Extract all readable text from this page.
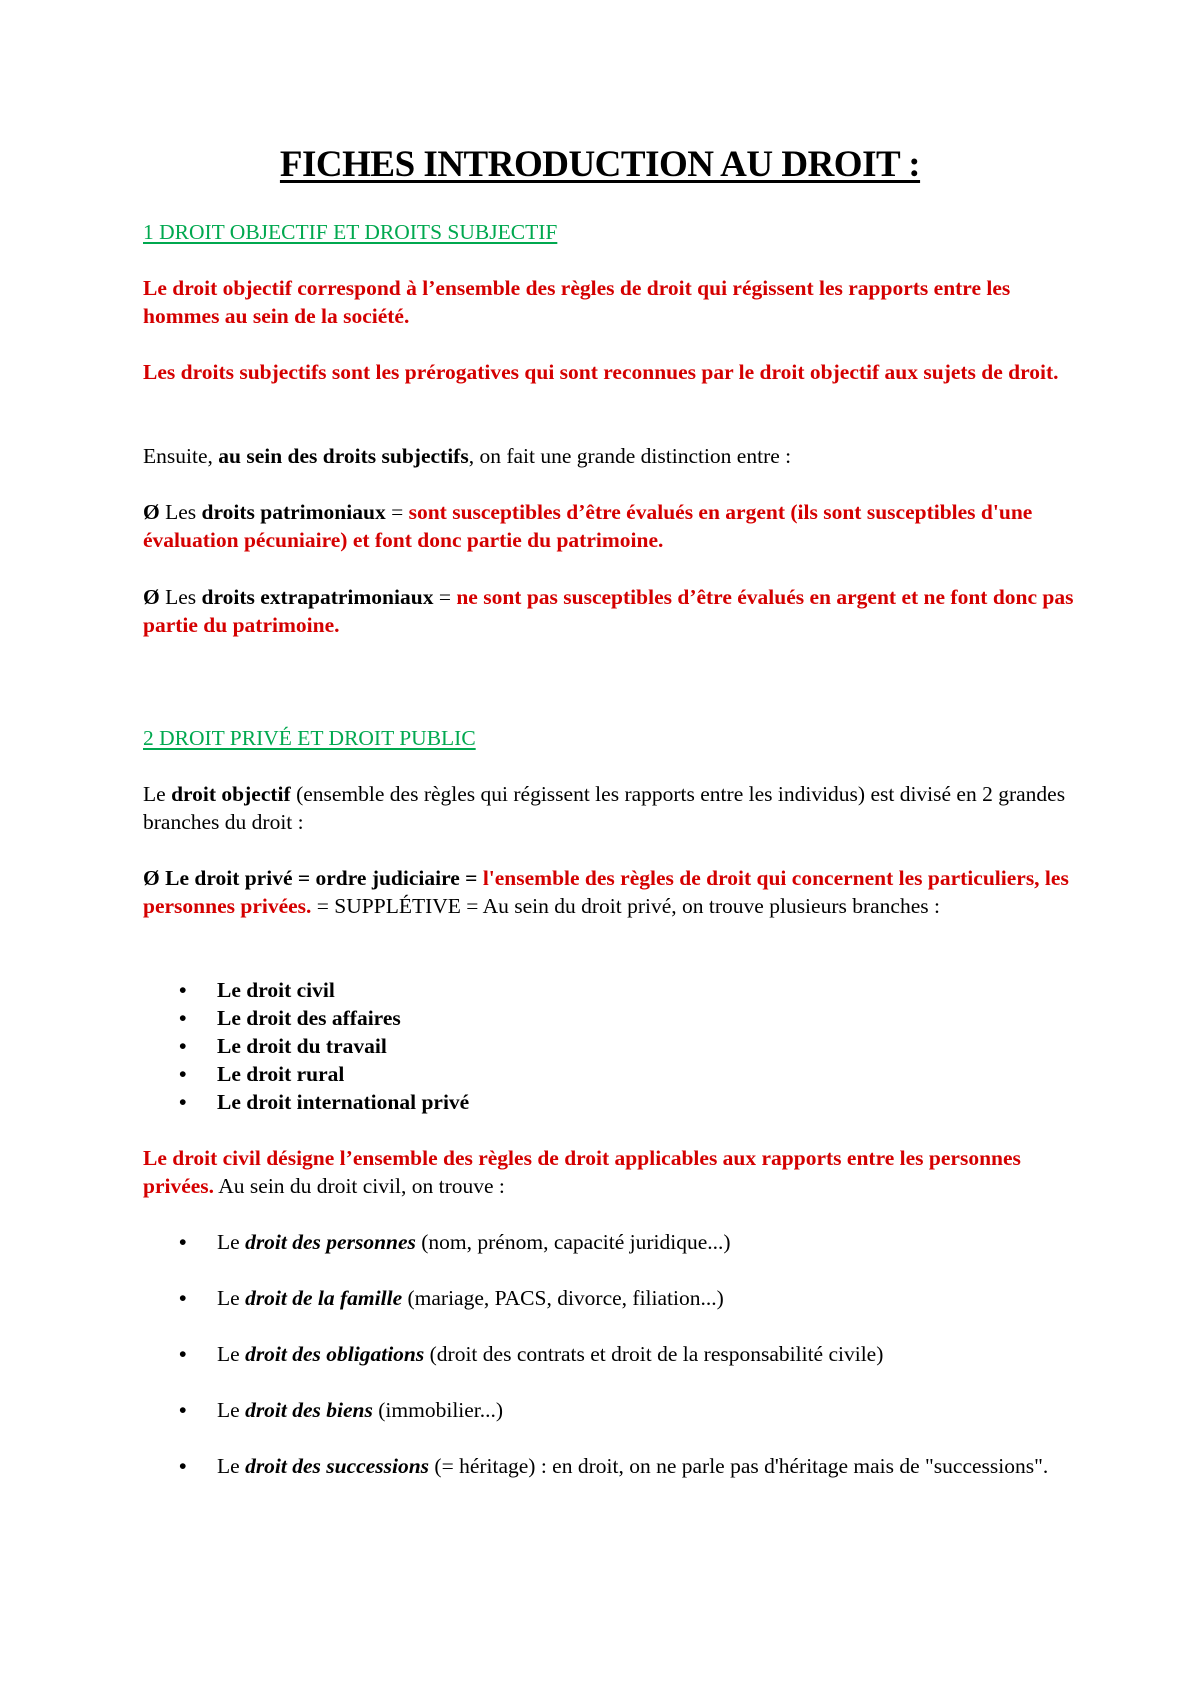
FICHES INTRODUCTION AU DROIT :

1 DROIT OBJECTIF ET DROITS SUBJECTIF

Le droit objectif correspond à l’ensemble des règles de droit qui régissent les rapports entre les hommes au sein de la société.

Les droits subjectifs sont les prérogatives qui sont reconnues par le droit objectif aux sujets de droit.

Ensuite, au sein des droits subjectifs, on fait une grande distinction entre :

Ø Les droits patrimoniaux = sont susceptibles d’être évalués en argent (ils sont susceptibles d'une évaluation pécuniaire) et font donc partie du patrimoine.

Ø Les droits extrapatrimoniaux = ne sont pas susceptibles d’être évalués en argent et ne font donc pas partie du patrimoine.

2 DROIT PRIVÉ ET DROIT PUBLIC

Le droit objectif (ensemble des règles qui régissent les rapports entre les individus) est divisé en 2 grandes branches du droit :

Ø Le droit privé = ordre judiciaire = l'ensemble des règles de droit qui concernent les particuliers, les personnes privées. = SUPPLÉTIVE = Au sein du droit privé, on trouve plusieurs branches :

•	Le droit civil
•	Le droit des affaires
•	Le droit du travail
•	Le droit rural
•	Le droit international privé

Le droit civil désigne l’ensemble des règles de droit applicables aux rapports entre les personnes privées. Au sein du droit civil, on trouve :

•	Le droit des personnes (nom, prénom, capacité juridique...)
•	Le droit de la famille (mariage, PACS, divorce, filiation...)
•	Le droit des obligations (droit des contrats et droit de la responsabilité civile)
•	Le droit des biens (immobilier...)
•	Le droit des successions (= héritage) : en droit, on ne parle pas d'héritage mais de "successions".
